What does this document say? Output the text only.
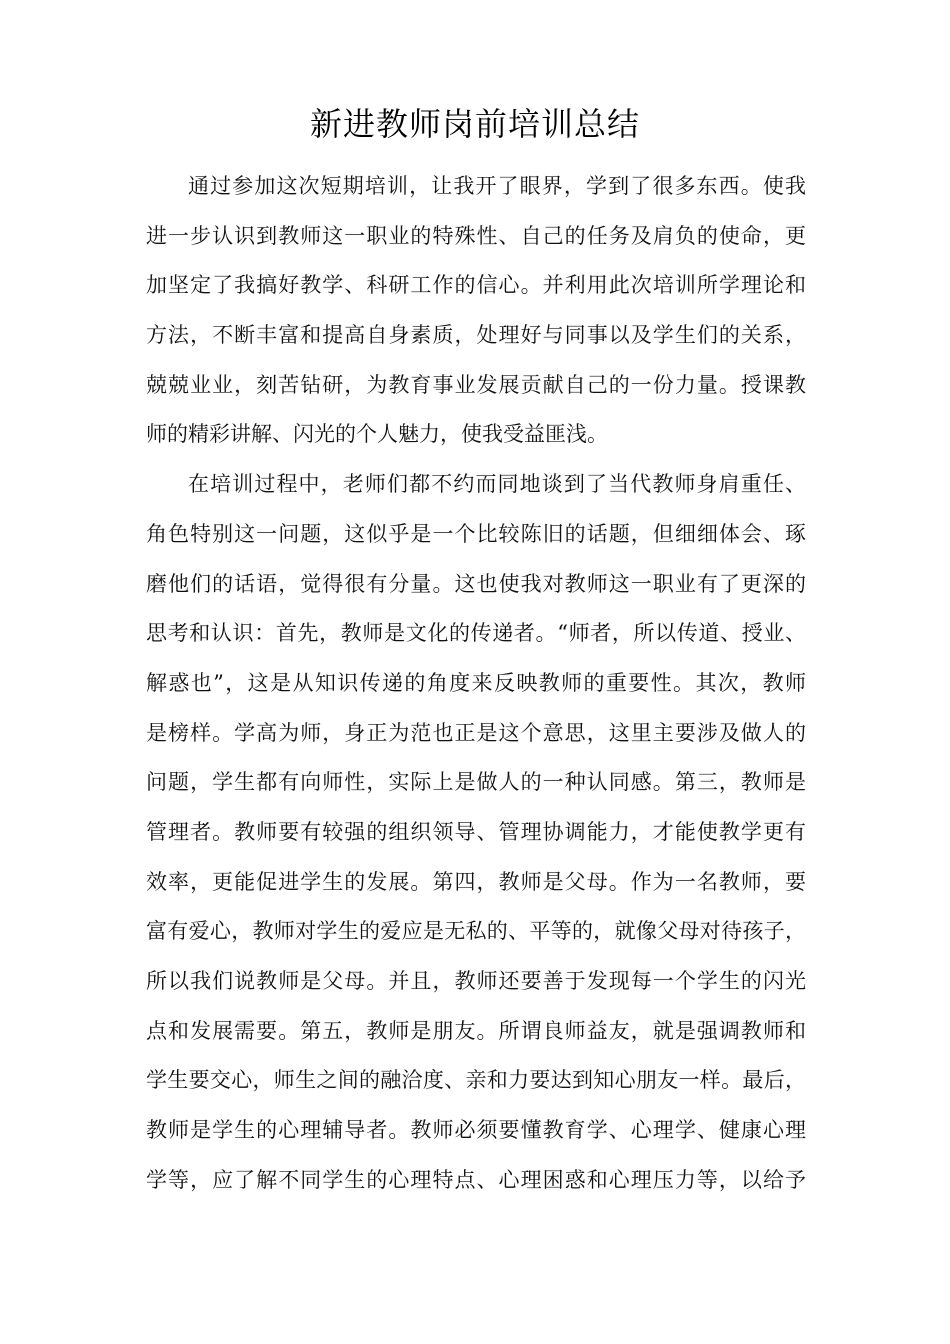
新进教师岗前培训总结
通过参加这次短期培训，让我开了眼界，学到了很多东西。使我
进一步认识到教师这一职业的特殊性、自己的任务及肩负的使命，更
加坚定了我搞好教学、科研工作的信心。并利用此次培训所学理论和
方法，不断丰富和提高自身素质，处理好与同事以及学生们的关系，
兢兢业业，刻苦钻研，为教育事业发展贡献自己的一份力量。授课教
师的精彩讲解、闪光的个人魅力，使我受益匪浅。
在培训过程中，老师们都不约而同地谈到了当代教师身肩重任、
角色特别这一问题，这似乎是一个比较陈旧的话题，但细细体会、琢
磨他们的话语，觉得很有分量。这也使我对教师这一职业有了更深的
思考和认识：首先，教师是文化的传递者。“师者，所以传道、授业、
解惑也”，这是从知识传递的角度来反映教师的重要性。其次，教师
是榜样。学高为师，身正为范也正是这个意思，这里主要涉及做人的
问题，学生都有向师性，实际上是做人的一种认同感。第三，教师是
管理者。教师要有较强的组织领导、管理协调能力，才能使教学更有
效率，更能促进学生的发展。第四，教师是父母。作为一名教师，要
富有爱心，教师对学生的爱应是无私的、平等的，就像父母对待孩子，
所以我们说教师是父母。并且，教师还要善于发现每一个学生的闪光
点和发展需要。第五，教师是朋友。所谓良师益友，就是强调教师和
学生要交心，师生之间的融洽度、亲和力要达到知心朋友一样。最后，
教师是学生的心理辅导者。教师必须要懂教育学、心理学、健康心理
学等，应了解不同学生的心理特点、心理困惑和心理压力等，以给予
